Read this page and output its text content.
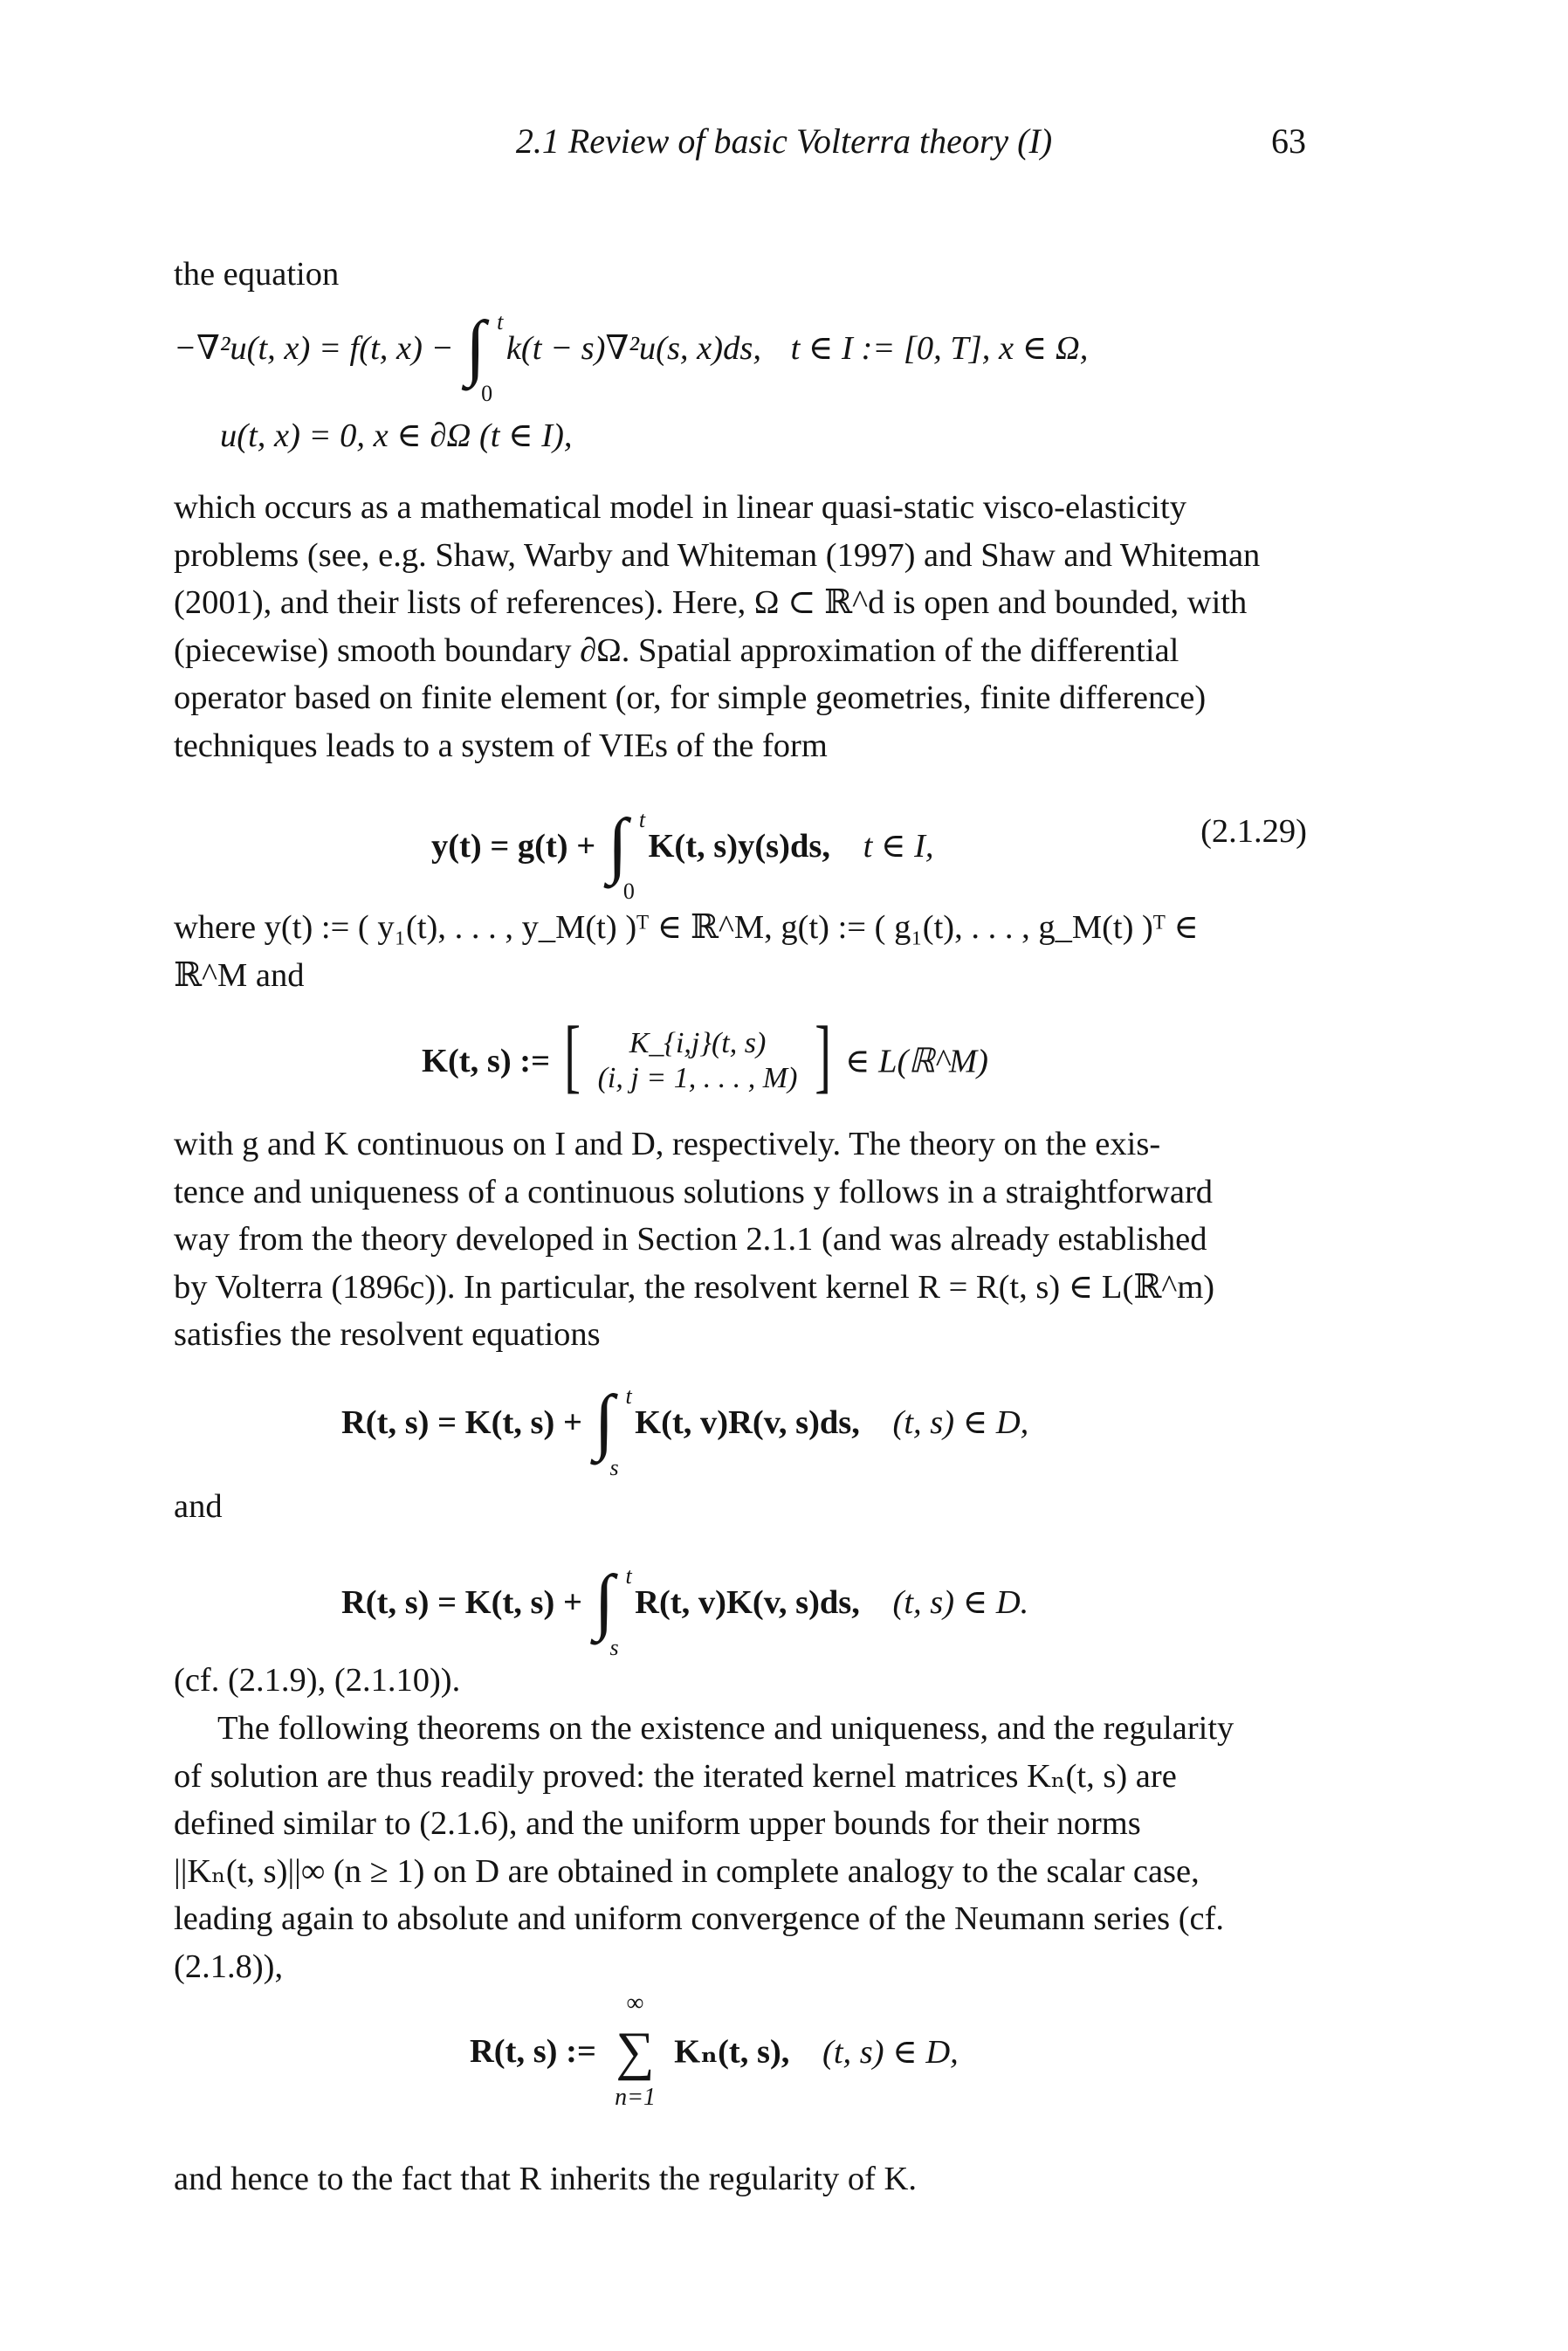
2.1 Review of basic Volterra theory (I)	63
the equation
−∇²u(t, x) = f(t, x) − ∫ t
0
k(t − s)∇²u(s, x)ds, t ∈ I := [0, T], x ∈ Ω,
u(t, x) = 0, x ∈ ∂Ω (t ∈ I),
which occurs as a mathematical model in linear quasi-static visco-elasticity
problems (see, e.g. Shaw, Warby and Whiteman (1997) and Shaw and Whiteman
(2001), and their lists of references). Here, Ω ⊂ ℝ^d is open and bounded, with
(piecewise) smooth boundary ∂Ω. Spatial approximation of the differential
operator based on finite element (or, for simple geometries, finite difference)
techniques leads to a system of VIEs of the form
y(t) = g(t) + ∫ t
0
K(t, s)y(s)ds, t ∈ I,	(2.1.29)
where y(t) := ( y₁(t), . . . , y_M(t) )ᵀ ∈ ℝ^M, g(t) := ( g₁(t), . . . , g_M(t) )ᵀ ∈
ℝ^M and
K(t, s) := [	K_{i,j}(t, s)
(i, j = 1, . . . , M) ] ∈ L(ℝ^M)
with g and K continuous on I and D, respectively. The theory on the exis-
tence and uniqueness of a continuous solutions y follows in a straightforward
way from the theory developed in Section 2.1.1 (and was already established
by Volterra (1896c)). In particular, the resolvent kernel R = R(t, s) ∈ L(ℝ^m)
satisfies the resolvent equations
R(t, s) = K(t, s) + ∫ t
s
K(t, v)R(v, s)ds, (t, s) ∈ D,
and
R(t, s) = K(t, s) + ∫ t
s
R(t, v)K(v, s)ds, (t, s) ∈ D.
(cf. (2.1.9), (2.1.10)).
The following theorems on the existence and uniqueness, and the regularity
of solution are thus readily proved: the iterated kernel matrices Kₙ(t, s) are
defined similar to (2.1.6), and the uniform upper bounds for their norms
||Kₙ(t, s)||∞ (n ≥ 1) on D are obtained in complete analogy to the scalar case,
leading again to absolute and uniform convergence of the Neumann series (cf.
(2.1.8)),
R(t, s) :=
∞
∑
n=1
Kₙ(t, s), (t, s) ∈ D,
and hence to the fact that R inherits the regularity of K.
